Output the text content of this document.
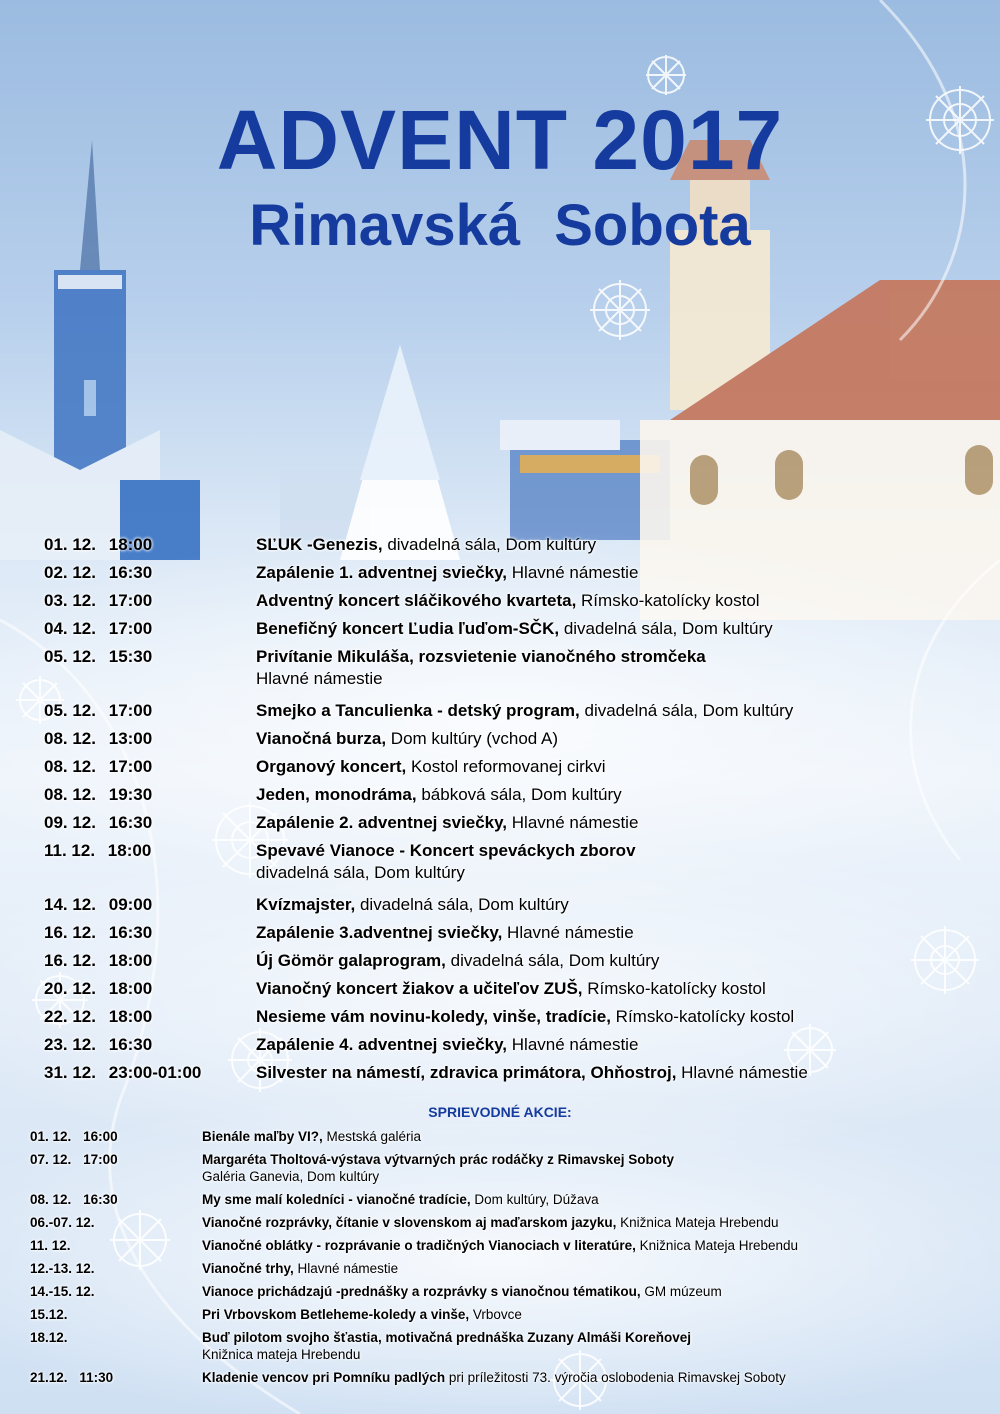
ADVENT 2017
Rimavská Sobota
01. 12. 18:00	SĽUK -Genezis, divadelná sála, Dom kultúry
02. 12. 16:30	Zapálenie 1. adventnej sviečky, Hlavné námestie
03. 12. 17:00	Adventný koncert sláčikového kvarteta, Rímsko-katolícky kostol
04. 12. 17:00	Benefičný koncert Ľudia ľuďom-SČK, divadelná sála, Dom kultúry
05. 12. 15:30	Privítanie Mikuláša, rozsvietenie vianočného stromčeka
Hlavné námestie
05. 12. 17:00	Smejko a Tanculienka - detský program, divadelná sála, Dom kultúry
08. 12. 13:00	Vianočná burza, Dom kultúry (vchod A)
08. 12. 17:00	Organový koncert, Kostol reformovanej cirkvi
08. 12. 19:30	Jeden, monodráma, bábková sála, Dom kultúry
09. 12. 16:30	Zapálenie 2. adventnej sviečky, Hlavné námestie
11. 12. 18:00	Spevavé Vianoce - Koncert speváckych zborov
divadelná sála, Dom kultúry
14. 12. 09:00	Kvízmajster, divadelná sála, Dom kultúry
16. 12. 16:30	Zapálenie 3.adventnej sviečky, Hlavné námestie
16. 12. 18:00	Új Gömör galaprogram, divadelná sála, Dom kultúry
20. 12. 18:00	Vianočný koncert žiakov a učiteľov ZUŠ, Rímsko-katolícky kostol
22. 12. 18:00	Nesieme vám novinu-koledy, vinše, tradície, Rímsko-katolícky kostol
23. 12. 16:30	Zapálenie 4. adventnej sviečky, Hlavné námestie
31. 12. 23:00-01:00	Silvester na námestí, zdravica primátora, Ohňostroj, Hlavné námestie
SPRIEVODNÉ AKCIE:
01. 12. 16:00	Bienále maľby VI?, Mestská galéria
07. 12. 17:00	Margaréta Tholtová-výstava výtvarných prác rodáčky z Rimavskej Soboty
Galéria Ganevia, Dom kultúry
08. 12. 16:30	My sme malí koledníci - vianočné tradície, Dom kultúry, Dúžava
06.-07. 12.	Vianočné rozprávky, čítanie v slovenskom aj maďarskom jazyku, Knižnica Mateja Hrebendu
11. 12.	Vianočné oblátky - rozprávanie o tradičných Vianociach v literatúre, Knižnica Mateja Hrebendu
12.-13. 12.	Vianočné trhy, Hlavné námestie
14.-15. 12.	Vianoce prichádzajú -prednášky a rozprávky s vianočnou tématikou, GM múzeum
15.12.	Pri Vrbovskom Betleheme-koledy a vinše, Vrbovce
18.12.	Buď pilotom svojho šťastia, motivačná prednáška Zuzany Almáši Koreňovej
Knižnica mateja Hrebendu
21.12. 11:30	Kladenie vencov pri Pomníku padlých pri príležitosti 73. výročia oslobodenia Rimavskej Soboty
